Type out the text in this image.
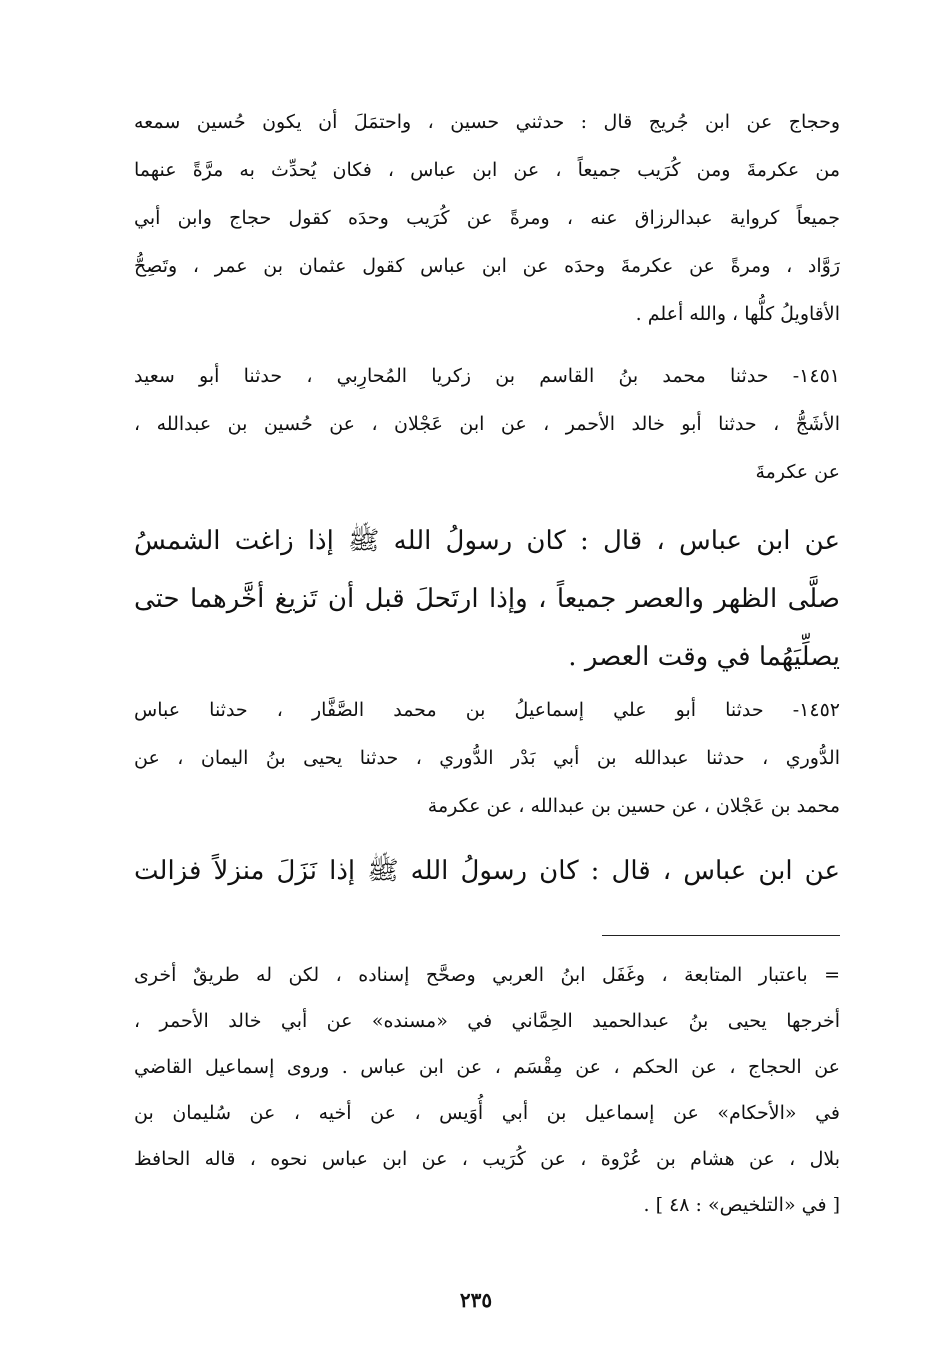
وحجاج عن ابن جُريج قال : حدثني حسين ، واحتمَلَ أن يكون حُسين سمعه
من عكرمةَ ومن كُرَيب جميعاً ، عن ابن عباس ، فكان يُحدِّث به مرَّةً عنهما
جميعاً كرواية عبدالرزاق عنه ، ومرةً عن كُرَيب وحدَه كقول حجاج وابن أبي
رَوَّاد ، ومرةً عن عكرمةَ وحدَه عن ابن عباس كقول عثمان بن عمر ، وتَصِحُّ
الأقاويلُ كلُّها ، والله أعلم .
١٤٥١- حدثنا محمد بنُ القاسم بن زكريا المُحارِبي ، حدثنا أبو سعيد
الأشَجُّ ، حدثنا أبو خالد الأحمر ، عن ابن عَجْلان ، عن حُسين بن عبدالله ،
عن عكرمةَ
عن ابن عباس ، قال : كان رسولُ الله ﷺ إذا زاغت الشمسُ
صلَّى الظهر والعصر جميعاً ، وإذا ارتَحلَ قبل أن تَزيغ أخَّرهما حتى
يصلِّيَهُما في وقت العصر .
١٤٥٢- حدثنا أبو علي إسماعيلُ بن محمد الصَّفَّار ، حدثنا عباس
الدُّوري ، حدثنا عبدالله بن أبي بَدْر الدُّوري ، حدثنا يحيى بنُ اليمان ، عن
محمد بن عَجْلان ، عن حسين بن عبدالله ، عن عكرمة
عن ابن عباس ، قال : كان رسولُ الله ﷺ إذا نَزَلَ منزلاً فزالت
= باعتبار المتابعة ، وغَفَل ابنُ العربي وصحَّح إسناده ، لكن له طريقٌ أخرى
أخرجها يحيى بنُ عبدالحميد الحِمَّاني في «مسنده» عن أبي خالد الأحمر ،
عن الحجاج ، عن الحكم ، عن مِقْسَم ، عن ابن عباس . وروى إسماعيل القاضي
في «الأحكام» عن إسماعيل بن أبي أُوَيس ، عن أخيه ، عن سُليمان بن
بلال ، عن هشام بن عُرْوة ، عن كُرَيب ، عن ابن عباس نحوه ، قاله الحافظ
[ في «التلخيص» : ٤٨ ] .
٢٣٥
